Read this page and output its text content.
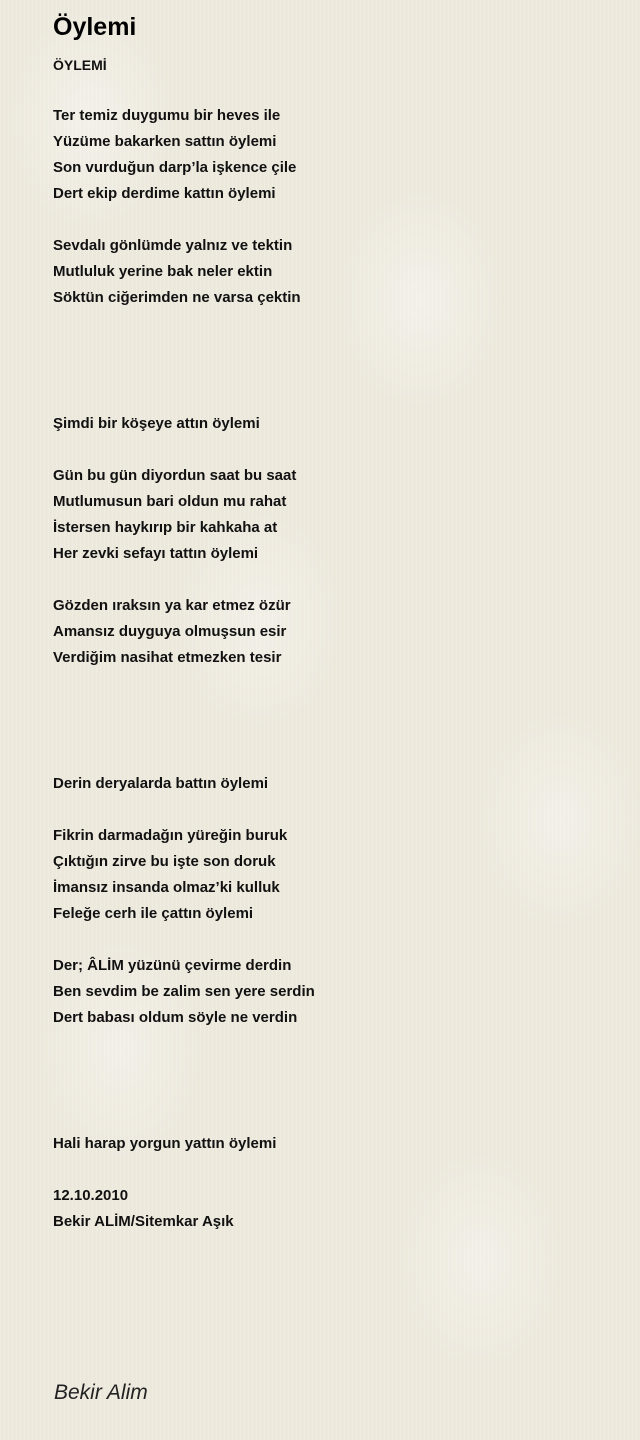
Öylemi
ÖYLEMİ
Ter temiz duygumu bir heves ile
Yüzüme bakarken sattın öylemi
Son vurduğun darp’la işkence çile
Dert ekip derdime kattın öylemi
Sevdalı gönlümde yalnız ve tektin
Mutluluk yerine bak neler ektin
Söktün ciğerimden ne varsa çektin
Şimdi bir köşeye attın öylemi
Gün bu gün diyordun saat bu saat
Mutlumusun bari oldun mu rahat
İstersen haykırıp bir kahkaha at
Her zevki sefayı tattın öylemi
Gözden ıraksın ya kar etmez özür
Amansız duyguya olmuşsun esir
Verdiğim nasihat etmezken tesir
Derin deryalarda battın öylemi
Fikrin darmadağın yüreğin buruk
Çıktığın zirve bu işte son doruk
İmansız insanda olmaz’ki kulluk
Feleğe cerh ile çattın öylemi
Der; ÂLİM yüzünü çevirme derdin
Ben sevdim be zalim sen yere serdin
Dert babası oldum söyle ne verdin
Hali harap yorgun yattın öylemi
12.10.2010
Bekir ALİM/Sitemkar Aşık
Bekir Alim
